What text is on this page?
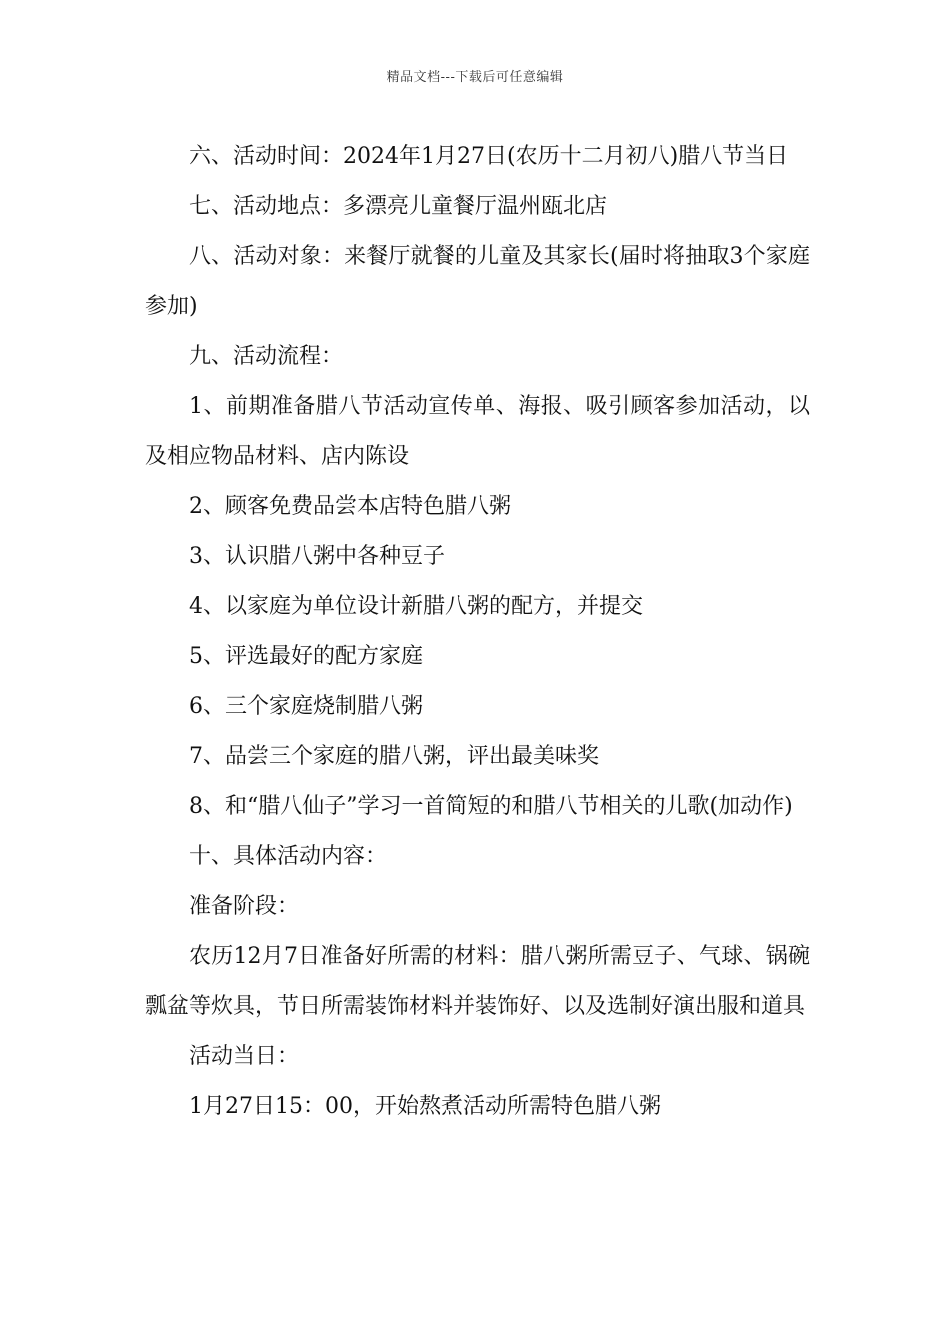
精品文档---下载后可任意编辑

六、活动时间：2024年1月27日(农历十二月初八)腊八节当日

七、活动地点：多漂亮儿童餐厅温州瓯北店

八、活动对象：来餐厅就餐的儿童及其家长(届时将抽取3个家庭参加)

九、活动流程：

1、前期准备腊八节活动宣传单、海报、吸引顾客参加活动，以及相应物品材料、店内陈设

2、顾客免费品尝本店特色腊八粥

3、认识腊八粥中各种豆子

4、以家庭为单位设计新腊八粥的配方，并提交

5、评选最好的配方家庭

6、三个家庭烧制腊八粥

7、品尝三个家庭的腊八粥，评出最美味奖

8、和“腊八仙子”学习一首简短的和腊八节相关的儿歌(加动作)

十、具体活动内容：

准备阶段：

农历12月7日准备好所需的材料：腊八粥所需豆子、气球、锅碗瓢盆等炊具，节日所需装饰材料并装饰好、以及选制好演出服和道具

活动当日：

1月27日15：00，开始熬煮活动所需特色腊八粥
